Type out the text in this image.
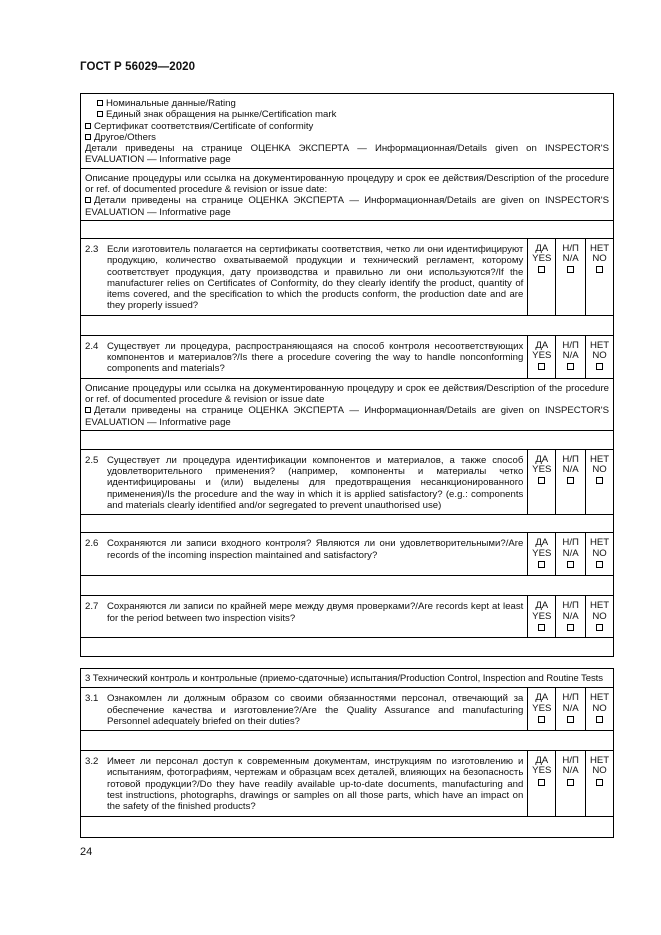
ГОСТ Р 56029—2020

Номинальные данные/Rating

Единый знак обращения на рынке/Certification mark

Сертификат соответствия/Certificate of conformity

Другое/Others

Детали приведены на странице ОЦЕНКА ЭКСПЕРТА — Информационная/Details given on INSPECTOR'S

EVALUATION — Informative page

Описание процедуры или ссылка на документированную процедуру и срок ее действия/Description of the procedure

or ref. of documented procedure & revision or issue date:

Детали приведены на странице ОЦЕНКА ЭКСПЕРТА — Информационная/Details are given on INSPECTOR'S

EVALUATION — Informative page

2.3 Если изготовитель полагается на сертификаты соответствия, четко ли они идентифицируют продукцию, количество охватываемой продукции и технический регламент, которому соответствует продукция, дату производства и правильно ли они используются?/If the manufacturer relies on Certificates of Conformity, do they clearly identify the product, quantity of items covered, and the specification to which the products conform, the production date and are they properly issued?
ДА
YES
Н/П
N/A
НЕТ
NO
2.4 Существует ли процедура, распространяющаяся на способ контроля несоответствующих компонентов и материалов?/Is there a procedure covering the way to handle nonconforming components and materials?
ДА
YES
Н/П
N/A
НЕТ
NO

Описание процедуры или ссылка на документированную процедуру и срок ее действия/Description of the procedure

or ref. of documented procedure & revision or issue date

Детали приведены на странице ОЦЕНКА ЭКСПЕРТА — Информационная/Details are given on INSPECTOR'S

EVALUATION — Informative page

2.5 Существует ли процедура идентификации компонентов и материалов, а также способ удовлетворительного применения? (например, компоненты и материалы четко идентифицированы и (или) выделены для предотвращения несанкционированного применения)/Is the procedure and the way in which it is applied satisfactory? (e.g.: components and materials clearly identified and/or segregated to prevent unauthorised use)
ДА
YES
Н/П
N/A
НЕТ
NO
2.6 Сохраняются ли записи входного контроля? Являются ли они удовлетворительными?/Are records of the incoming inspection maintained and satisfactory?
ДА
YES
Н/П
N/A
НЕТ
NO
2.7 Сохраняются ли записи по крайней мере между двумя проверками?/Are records kept at least for the period between two inspection visits?
ДА
YES
Н/П
N/A
НЕТ
NO
3 Технический контроль и контрольные (приемо-сдаточные) испытания/Production Control, Inspection and Routine Tests
3.1 Ознакомлен ли должным образом со своими обязанностями персонал, отвечающий за обеспечение качества и изготовление?/Are the Quality Assurance and manufacturing Personnel adequately briefed on their duties?
ДА
YES
Н/П
N/A
НЕТ
NO
3.2 Имеет ли персонал доступ к современным документам, инструкциям по изготовлению и испытаниям, фотографиям, чертежам и образцам всех деталей, влияющих на безопасность готовой продукции?/Do they have readily available up-to-date documents, manufacturing and test instructions, photographs, drawings or samples on all those parts, which have an impact on the safety of the finished products?
ДА
YES
Н/П
N/A
НЕТ
NO
24
